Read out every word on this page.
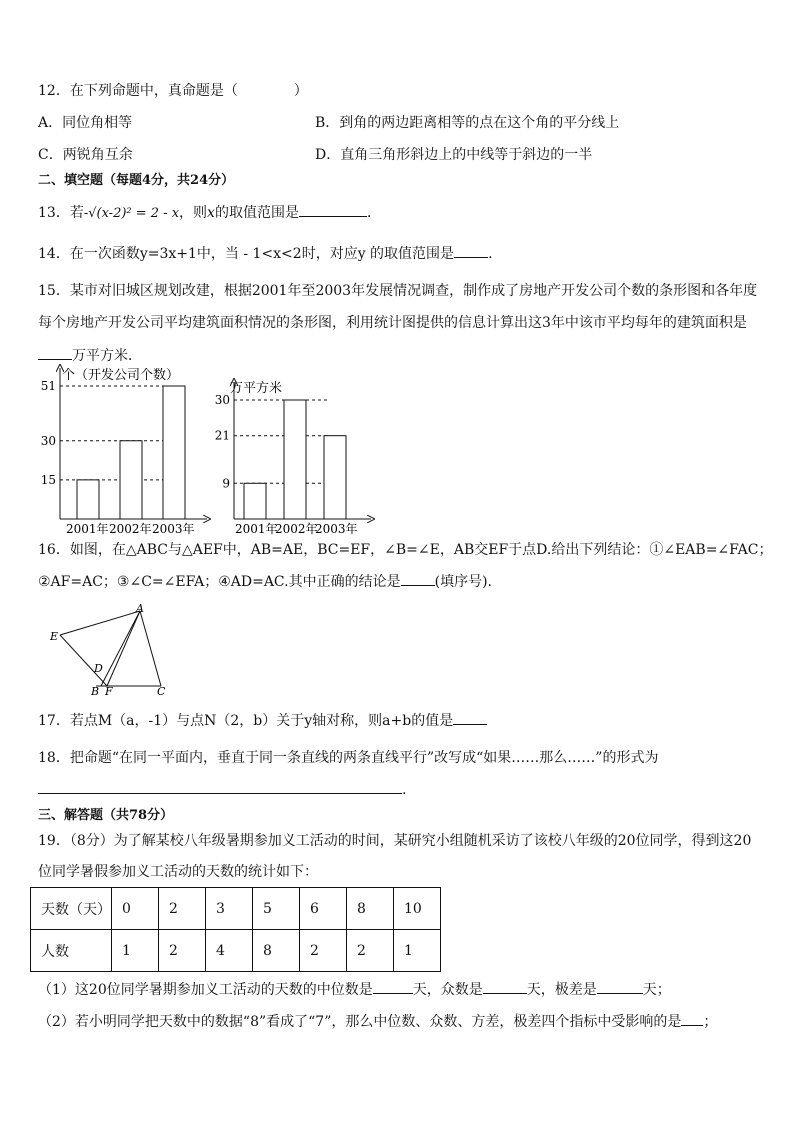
12．在下列命题中，真命题是（　　　　）
A．同位角相等	B．到角的两边距离相等的点在这个角的平分线上
C．两锐角互余	D．直角三角形斜边上的中线等于斜边的一半
二、填空题（每题4分，共24分）
13．若-√(x-2)² = 2 - x，则x的取值范围是	．
14．在一次函数y=3x+1中，当 - 1<x<2时，对应y 的取值范围是 .
15．某市对旧城区规划改建，根据2001年至2003年发展情况调查，制作成了房地产开发公司个数的条形图和各年度
每个房地产开发公司平均建筑面积情况的条形图，利用统计图提供的信息计算出这3年中该市平均每年的建筑面积是
万平方米．
个（开发公司个数）
15
30
51
2001年 2002年 2003年
万平方米
9
21
30
2001年
2002年
2003年
16．如图，在△ABC与△AEF中，AB=AE，BC=EF，∠B=∠E，AB交EF于点D.给出下列结论：①∠EAB=∠FAC；
②AF=AC；③∠C=∠EFA；④AD=AC.其中正确的结论是 (填序号).
A
E
D
B F	C
17．若点M（a，-1）与点N（2，b）关于y轴对称，则a+b的值是
18．把命题“在同一平面内，垂直于同一条直线的两条直线平行”改写成“如果……那么……”的形式为
.
三、解答题（共78分）
19．（8分）为了解某校八年级暑期参加义工活动的时间，某研究小组随机采访了该校八年级的20位同学，得到这20
位同学暑假参加义工活动的天数的统计如下：
天数（天）	0	2	3	5	6	8	10
人数	1	2	4	8	2	2	1
（1）这20位同学暑期参加义工活动的天数的中位数是	天，众数是	天，极差是	天；
（2）若小明同学把天数中的数据“8”看成了“7”，那么中位数、众数、方差，极差四个指标中受影响的是 ；
